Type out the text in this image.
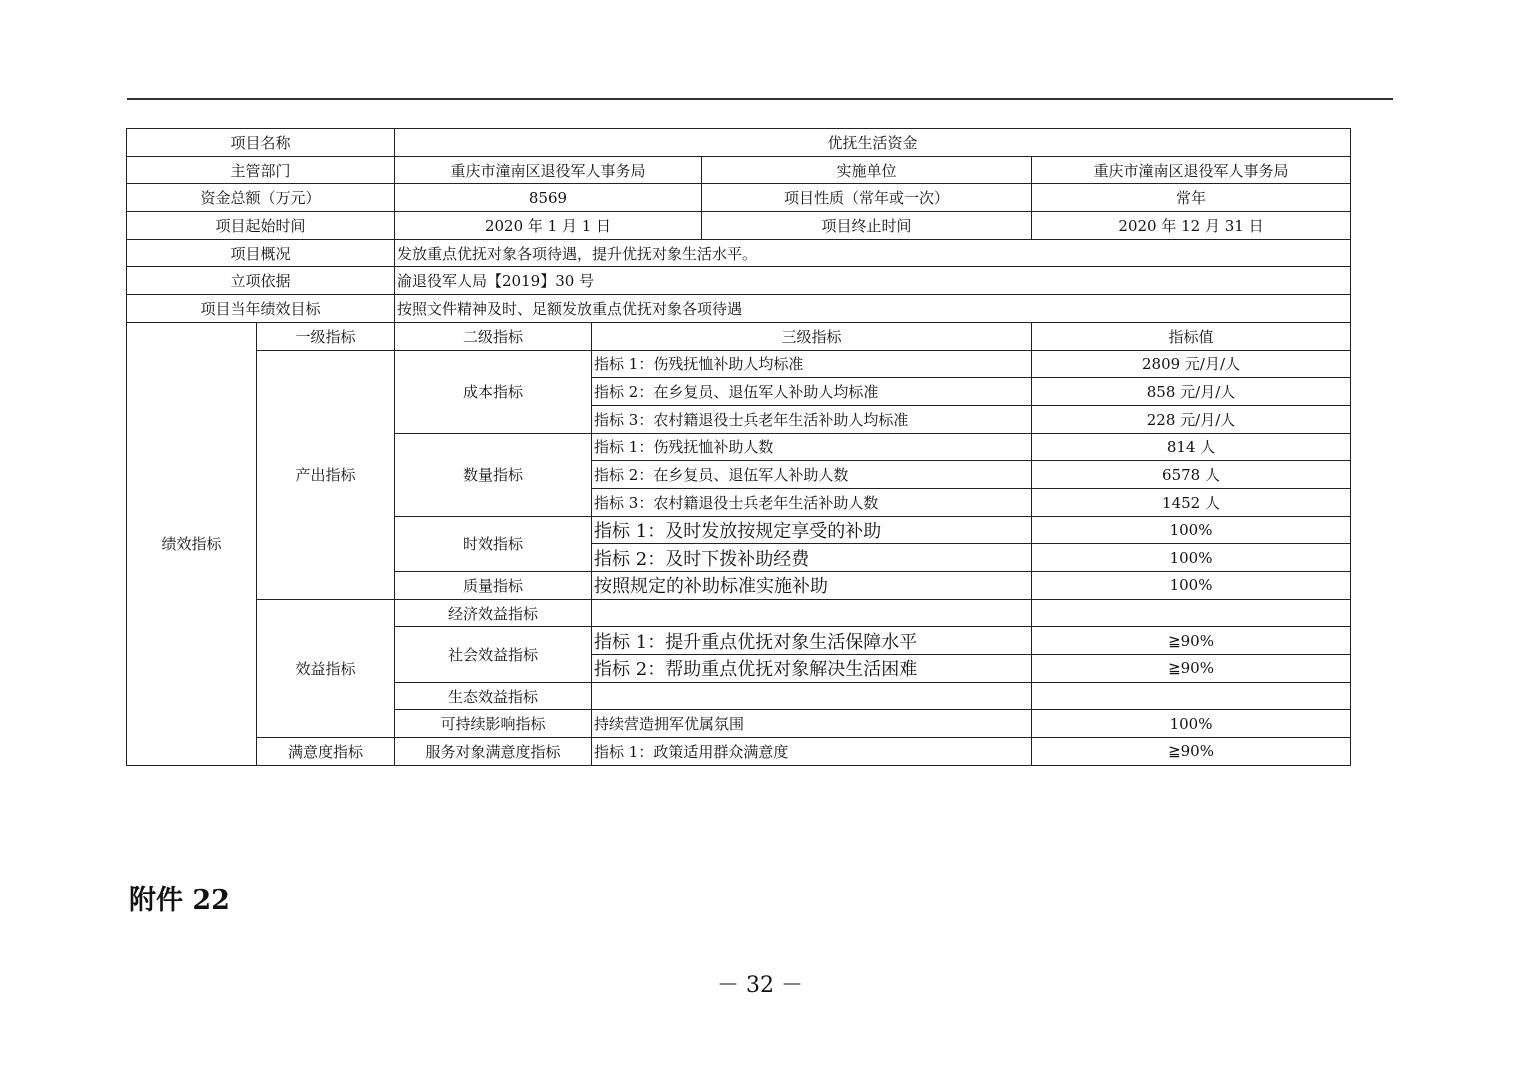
项目名称		优抚生活资金			
主管部门		重庆市潼南区退役军人事务局		实施单位	重庆市潼南区退役军人事务局
资金总额（万元）		8569		项目性质（常年或一次）	常年
项目起始时间		2020 年 1 月 1 日		项目终止时间	2020 年 12 月 31 日
项目概况		发放重点优抚对象各项待遇，提升优抚对象生活水平。			
立项依据		渝退役军人局【2019】30 号			
项目当年绩效目标		按照文件精神及时、足额发放重点优抚对象各项待遇			
绩效指标	一级指标	二级指标	三级指标		指标值
	产出指标	成本指标	指标 1：伤残抚恤补助人均标准		2809 元/月/人
			指标 2：在乡复员、退伍军人补助人均标准		858 元/月/人
			指标 3：农村籍退役士兵老年生活补助人均标准		228 元/月/人
		数量指标	指标 1：伤残抚恤补助人数		814 人
			指标 2：在乡复员、退伍军人补助人数		6578 人
			指标 3：农村籍退役士兵老年生活补助人数		1452 人
		时效指标	指标 1：及时发放按规定享受的补助		100%
			指标 2：及时下拨补助经费		100%
		质量指标	按照规定的补助标准实施补助		100%
	效益指标	经济效益指标			
		社会效益指标	指标 1：提升重点优抚对象生活保障水平		≧90%
			指标 2：帮助重点优抚对象解决生活困难		≧90%
		生态效益指标			
		可持续影响指标	持续营造拥军优属氛围		100%
	满意度指标	服务对象满意度指标	指标 1：政策适用群众满意度		≧90%
附件 22
－ 32 －
